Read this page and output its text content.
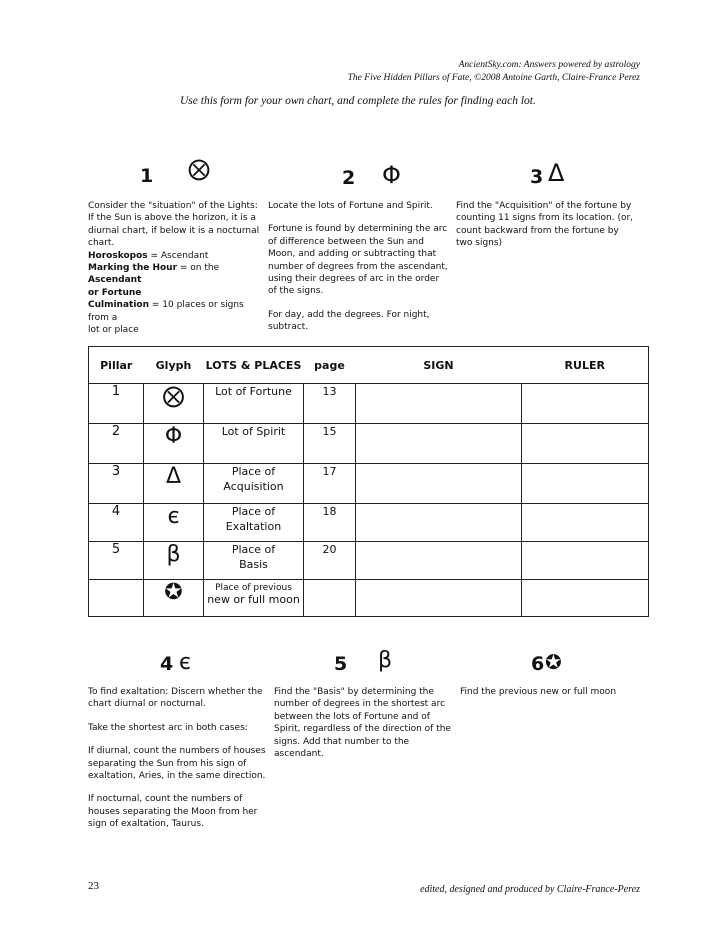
AncientSky.com: Answers powered by astrology
The Five Hidden Pillars of Fate, ©2008 Antoine Garth, Claire-France Perez
Use this form for your own chart, and complete the rules for finding each lot.
1 ⨂	2 Φ	3 Δ
Consider the "situation" of the Lights:
If the Sun is above the horizon, it is a
diurnal chart, if below it is a nocturnal
chart.
Horoskopos = Ascendant
Marking the Hour = on the Ascendant
or Fortune
Culmination = 10 places or signs from a
lot or place

Locate the lots of Fortune and Spirit.

Fortune is found by determining the arc of difference between the Sun and Moon, and adding or subtracting that number of degrees from the ascendant, using their degrees of arc in the order of the signs.

For day, add the degrees. For night, subtract.

Find the "Acquisition" of the fortune by counting 11 signs from its location. (or, count backward from the fortune by two signs)

Pillar	Glyph	LOTS & PLACES	page	SIGN	RULER
1	⨂	Lot of Fortune	13		
2	Φ	Lot of Spirit	15		
3	Δ	Place of Acquisition	17		
4	є	Place of Exaltation	18		
5	β	Place of Basis	20		
	✪	Place of previous
new or full moon			

4 є	5 β	6 ✪

To find exaltation: Discern whether the chart diurnal or nocturnal.

Take the shortest arc in both cases:

If diurnal, count the numbers of houses separating the Sun from his sign of exaltation, Aries, in the same direction.

If nocturnal, count the numbers of houses separating the Moon from her sign of exaltation, Taurus.

Find the "Basis" by determining the number of degrees in the shortest arc between the lots of Fortune and of Spirit, regardless of the direction of the signs. Add that number to the ascendant.

Find the previous new or full moon

23	edited, designed and produced by Claire-France-Perez
